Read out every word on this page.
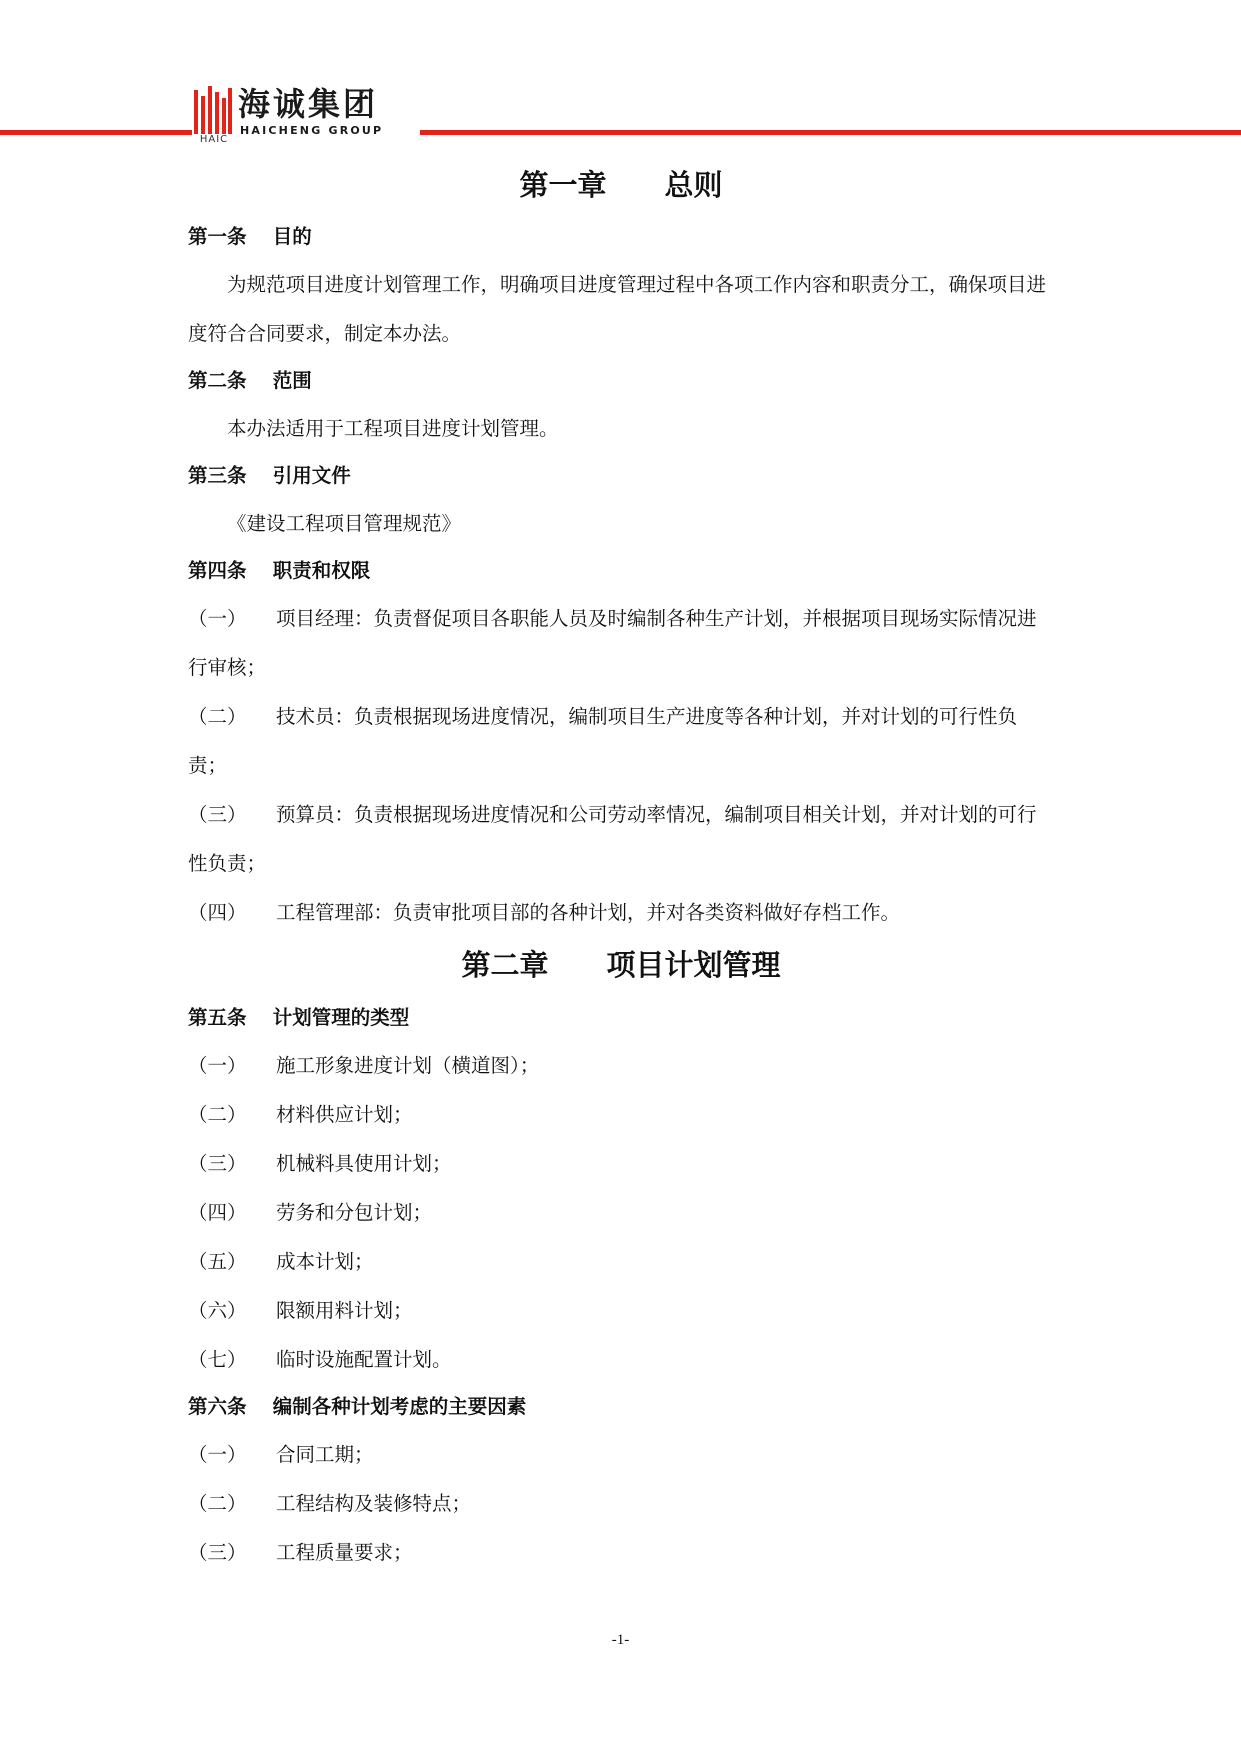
HAIC
海诚集团
HAICHENG GROUP
第一章　　总则
第一条　 目的

为规范项目进度计划管理工作，明确项目进度管理过程中各项工作内容和职责分工，确保项目进度符合合同要求，制定本办法。

第二条　 范围

本办法适用于工程项目进度计划管理。

第三条　 引用文件

《建设工程项目管理规范》

第四条　 职责和权限

（一） 项目经理：负责督促项目各职能人员及时编制各种生产计划，并根据项目现场实际情况进行审核；

（二） 技术员：负责根据现场进度情况，编制项目生产进度等各种计划，并对计划的可行性负责；

（三） 预算员：负责根据现场进度情况和公司劳动率情况，编制项目相关计划，并对计划的可行性负责；

（四） 工程管理部：负责审批项目部的各种计划，并对各类资料做好存档工作。

第二章　　项目计划管理
第五条　 计划管理的类型

（一） 施工形象进度计划（横道图）；

（二） 材料供应计划；

（三） 机械料具使用计划；

（四） 劳务和分包计划；

（五） 成本计划；

（六） 限额用料计划；

（七） 临时设施配置计划。

第六条　 编制各种计划考虑的主要因素

（一） 合同工期；

（二） 工程结构及装修特点；

（三） 工程质量要求；

-1-
